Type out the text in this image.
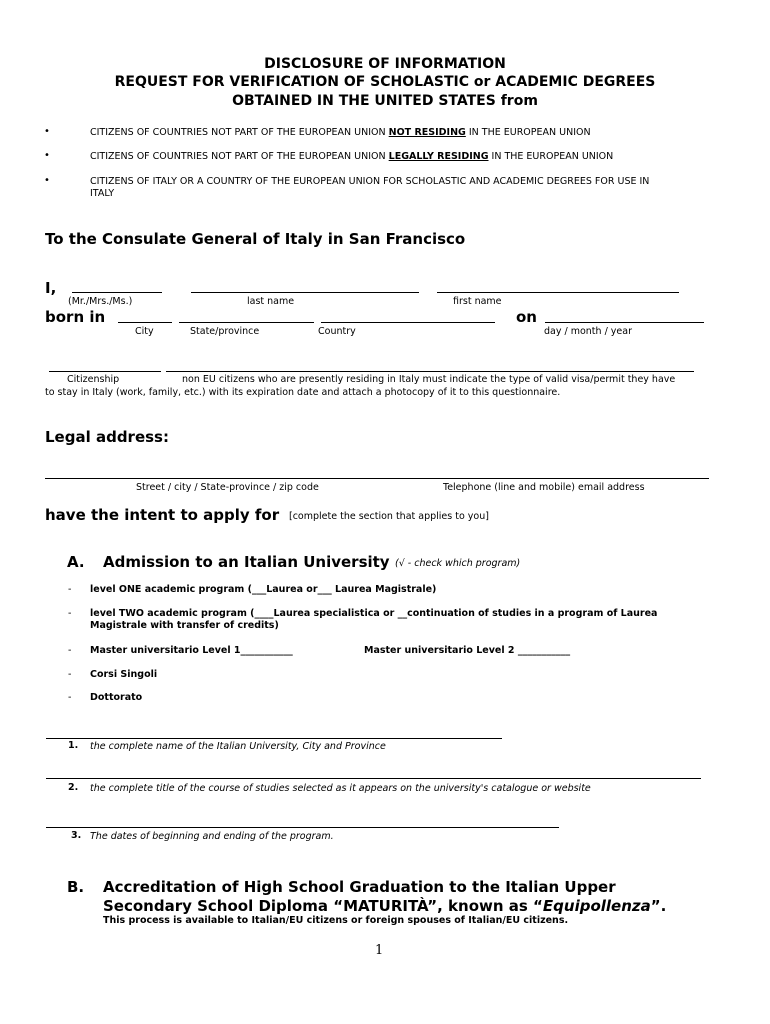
DISCLOSURE OF INFORMATION
REQUEST FOR VERIFICATION OF SCHOLASTIC or ACADEMIC DEGREES
OBTAINED IN THE UNITED STATES from
•	CITIZENS OF COUNTRIES NOT PART OF THE EUROPEAN UNION NOT RESIDING IN THE EUROPEAN UNION
•	CITIZENS OF COUNTRIES NOT PART OF THE EUROPEAN UNION LEGALLY RESIDING IN THE EUROPEAN UNION
•	CITIZENS OF ITALY OR A COUNTRY OF THE EUROPEAN UNION FOR SCHOLASTIC AND ACADEMIC DEGREES FOR USE IN
ITALY
To the Consulate General of Italy in San Francisco
I,
(Mr./Mrs./Ms.)	last name	first name
born in	on
City	State/province	Country	day / month / year
Citizenship	non EU citizens who are presently residing in Italy must indicate the type of valid visa/permit they have
to stay in Italy (work, family, etc.) with its expiration date and attach a photocopy of it to this questionnaire.
Legal address:
Street / city / State-province / zip code	Telephone (line and mobile) email address
have the intent to apply for [complete the section that applies to you]
A. Admission to an Italian University (√ - check which program)
- level ONE academic program (___Laurea or___ Laurea Magistrale)
- level TWO academic program (____Laurea specialistica or __continuation of studies in a program of Laurea
Magistrale with transfer of credits)
- Master universitario Level 1___________	Master universitario Level 2 ___________
- Corsi Singoli
- Dottorato
1. the complete name of the Italian University, City and Province
2. the complete title of the course of studies selected as it appears on the university's catalogue or website
3. The dates of beginning and ending of the program.
B. Accreditation of High School Graduation to the Italian Upper
Secondary School Diploma “MATURITÀ”, known as “Equipollenza”.
This process is available to Italian/EU citizens or foreign spouses of Italian/EU citizens.
1
